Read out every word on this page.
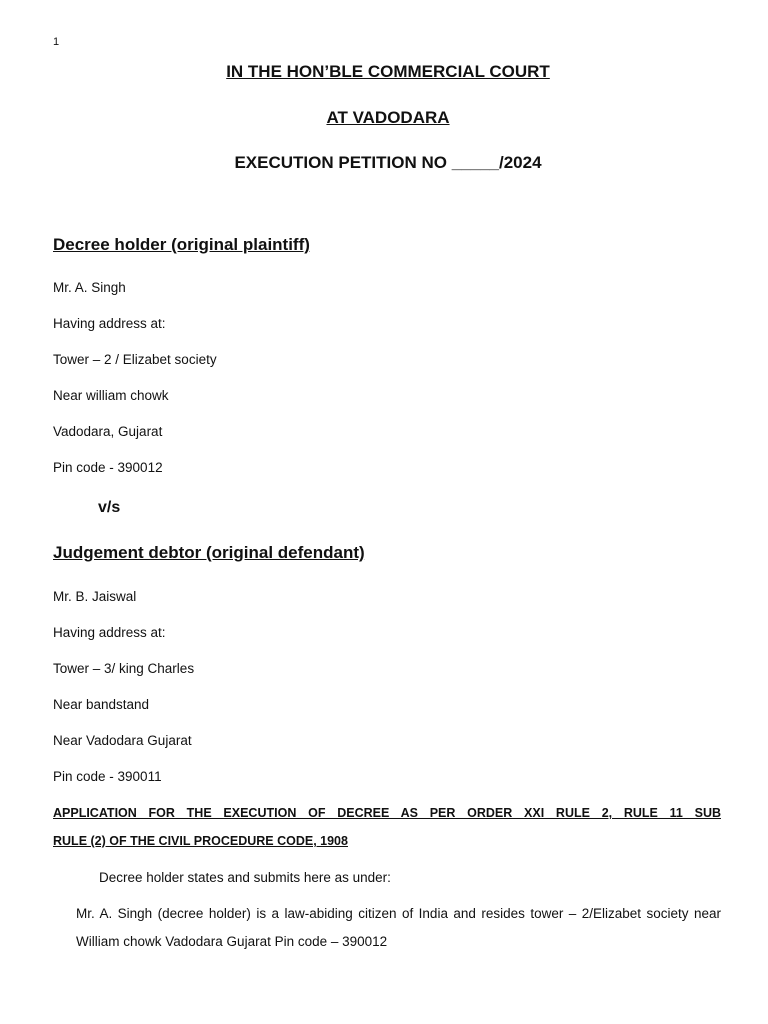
1
IN THE HON’BLE COMMERCIAL COURT
AT VADODARA
EXECUTION PETITION NO _____/2024
Decree holder (original plaintiff)
Mr. A. Singh
Having address at:
Tower – 2 / Elizabet society
Near william chowk
Vadodara, Gujarat
Pin code - 390012
v/s
Judgement debtor (original defendant)
Mr. B. Jaiswal
Having address at:
Tower – 3/ king Charles
Near bandstand
Near Vadodara Gujarat
Pin code - 390011
APPLICATION FOR THE EXECUTION OF DECREE AS PER ORDER XXI RULE 2, RULE 11 SUB
RULE (2) OF THE CIVIL PROCEDURE CODE, 1908
Decree holder states and submits here as under:
Mr. A. Singh (decree holder) is a law-abiding citizen of India and resides tower – 2/Elizabet society near William chowk Vadodara Gujarat Pin code – 390012
